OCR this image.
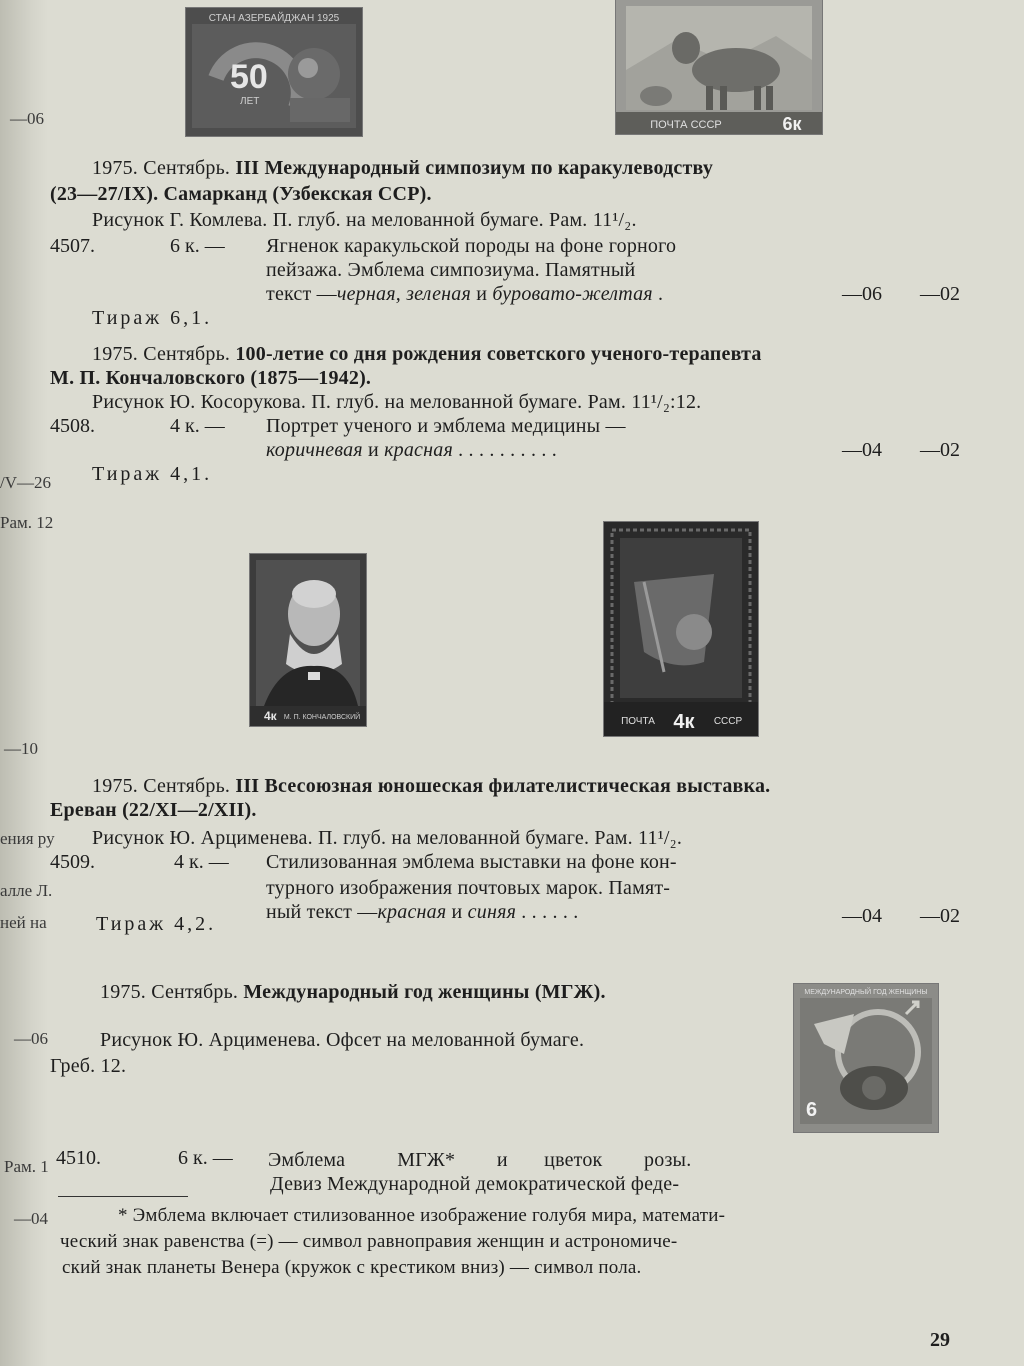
—06
/V—26
Рам. 12
—10
ения ру
алле Л.
ней на
—06
Рам. 1
—04
СТАН АЗЕРБАЙДЖАН 1925
50
ЛЕТ
ПОЧТА СССР	6к
1975. Сентябрь. III Международный симпозиум по каракулеводству
(23—27/IX). Самарканд (Узбекская ССР).
Рисунок Г. Комлева. П. глуб. на мелованной бумаге. Рам. 11¹/₂.
4507.	6 к. — Ягненок каракульской породы на фоне горного
пейзажа. Эмблема симпозиума. Памятный
текст —черная, зеленая и буровато-желтая .	—06 —02
Тираж 6,1.
1975. Сентябрь. 100-летие со дня рождения советского ученого-терапевта
М. П. Кончаловского (1875—1942).
Рисунок Ю. Косорукова. П. глуб. на мелованной бумаге. Рам. 11¹/₂:12.
4508.	4 к. — Портрет ученого и эмблема медицины —
коричневая и красная . . . . . . . . . .	—04 —02
Тираж 4,1.
4к М. П. КОНЧАЛОВСКИЙ	ПОЧТА 4к СССР
1975. Сентябрь. III Всесоюзная юношеская филателистическая выставка.
Ереван (22/XI—2/XII).
Рисунок Ю. Арцименева. П. глуб. на мелованной бумаге. Рам. 11¹/₂.
4509.	4 к. — Стилизованная эмблема выставки на фоне кон-
турного изображения почтовых марок. Памят-
ный текст —красная и синяя . . . . . .	—04 —02
Тираж 4,2.
1975. Сентябрь. Международный год женщины (МГЖ).	МЕЖДУНАРОДНЫЙ ГОД ЖЕНЩИНЫ
6
Рисунок Ю. Арцименева. Офсет на мелованной бумаге.
Греб. 12.
4510.	6 к. — Эмблема          МГЖ*        и       цветок        розы.
Девиз Международной демократической феде-
* Эмблема включает стилизованное изображение голубя мира, математи-
ческий знак равенства (=) — символ равноправия женщин и астрономиче-
ский знак планеты Венера (кружок с крестиком вниз) — символ пола.
29
